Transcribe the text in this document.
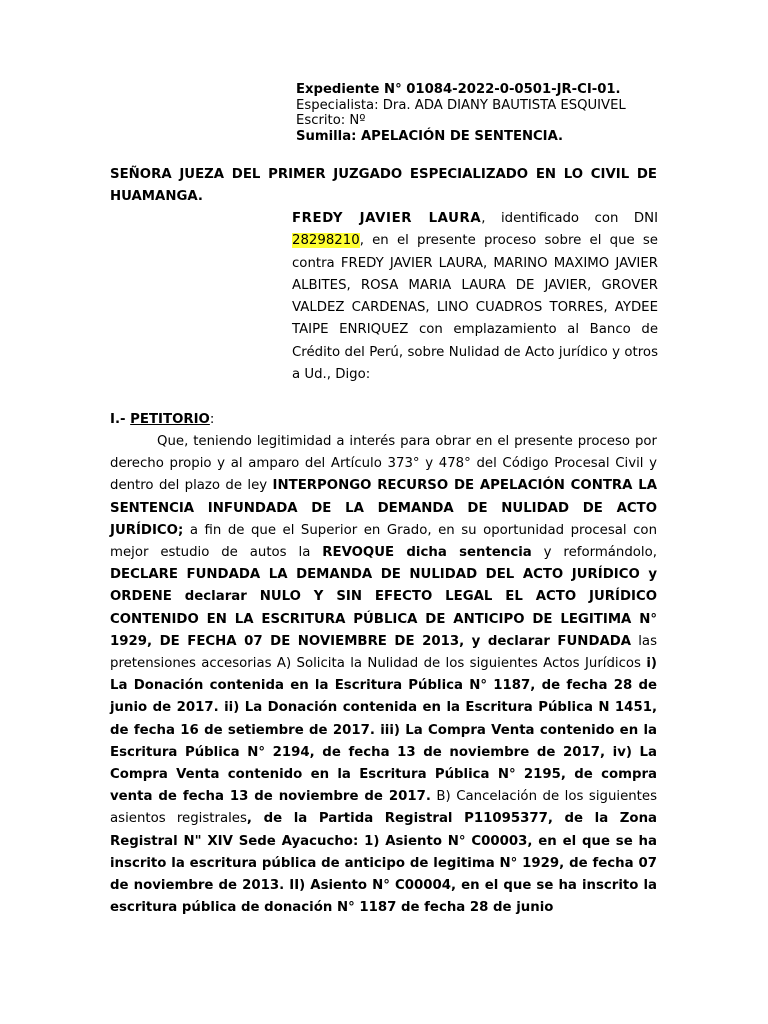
Expediente N° 01084-2022-0-0501-JR-CI-01.
Especialista: Dra. ADA DIANY BAUTISTA ESQUIVEL
Escrito: Nº
Sumilla: APELACIÓN DE SENTENCIA.
SEÑORA JUEZA DEL PRIMER JUZGADO ESPECIALIZADO EN LO CIVIL DE HUAMANGA.
FREDY JAVIER LAURA, identificado con DNI 28298210, en el presente proceso sobre el que se contra FREDY JAVIER LAURA, MARINO MAXIMO JAVIER ALBITES, ROSA MARIA LAURA DE JAVIER, GROVER VALDEZ CARDENAS, LINO CUADROS TORRES, AYDEE TAIPE ENRIQUEZ con emplazamiento al Banco de Crédito del Perú, sobre Nulidad de Acto jurídico y otros a Ud., Digo:
I.- PETITORIO:
Que, teniendo legitimidad a interés para obrar en el presente proceso por derecho propio y al amparo del Artículo 373° y 478° del Código Procesal Civil y dentro del plazo de ley INTERPONGO RECURSO DE APELACIÓN CONTRA LA SENTENCIA INFUNDADA DE LA DEMANDA DE NULIDAD DE ACTO JURÍDICO; a fin de que el Superior en Grado, en su oportunidad procesal con mejor estudio de autos la REVOQUE dicha sentencia y reformándolo, DECLARE FUNDADA LA DEMANDA DE NULIDAD DEL ACTO JURÍDICO y ORDENE declarar NULO Y SIN EFECTO LEGAL EL ACTO JURÍDICO CONTENIDO EN LA ESCRITURA PÚBLICA DE ANTICIPO DE LEGITIMA N° 1929, DE FECHA 07 DE NOVIEMBRE DE 2013, y declarar FUNDADA las pretensiones accesorias A) Solicita la Nulidad de los siguientes Actos Jurídicos i) La Donación contenida en la Escritura Pública N° 1187, de fecha 28 de junio de 2017. ii) La Donación contenida en la Escritura Pública N 1451, de fecha 16 de setiembre de 2017. iii) La Compra Venta contenido en la Escritura Pública N° 2194, de fecha 13 de noviembre de 2017, iv) La Compra Venta contenido en la Escritura Pública N° 2195, de compra venta de fecha 13 de noviembre de 2017. B) Cancelación de los siguientes asientos registrales, de la Partida Registral P11095377, de la Zona Registral N" XIV Sede Ayacucho: 1) Asiento N° C00003, en el que se ha inscrito la escritura pública de anticipo de legitima N° 1929, de fecha 07 de noviembre de 2013. II) Asiento N° C00004, en el que se ha inscrito la escritura pública de donación N° 1187 de fecha 28 de junio
